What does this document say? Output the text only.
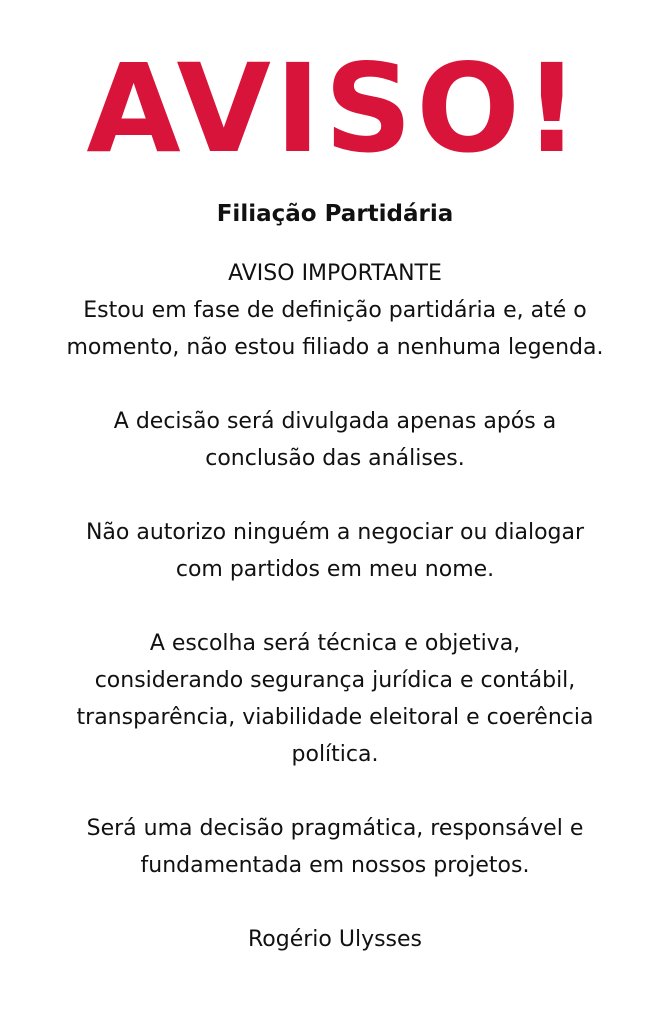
AVISO!
Filiação Partidária
AVISO IMPORTANTE
Estou em fase de definição partidária e, até o
momento, não estou filiado a nenhuma legenda.
A decisão será divulgada apenas após a
conclusão das análises.
Não autorizo ninguém a negociar ou dialogar
com partidos em meu nome.
A escolha será técnica e objetiva,
considerando segurança jurídica e contábil,
transparência, viabilidade eleitoral e coerência
política.
Será uma decisão pragmática, responsável e
fundamentada em nossos projetos.
Rogério Ulysses
